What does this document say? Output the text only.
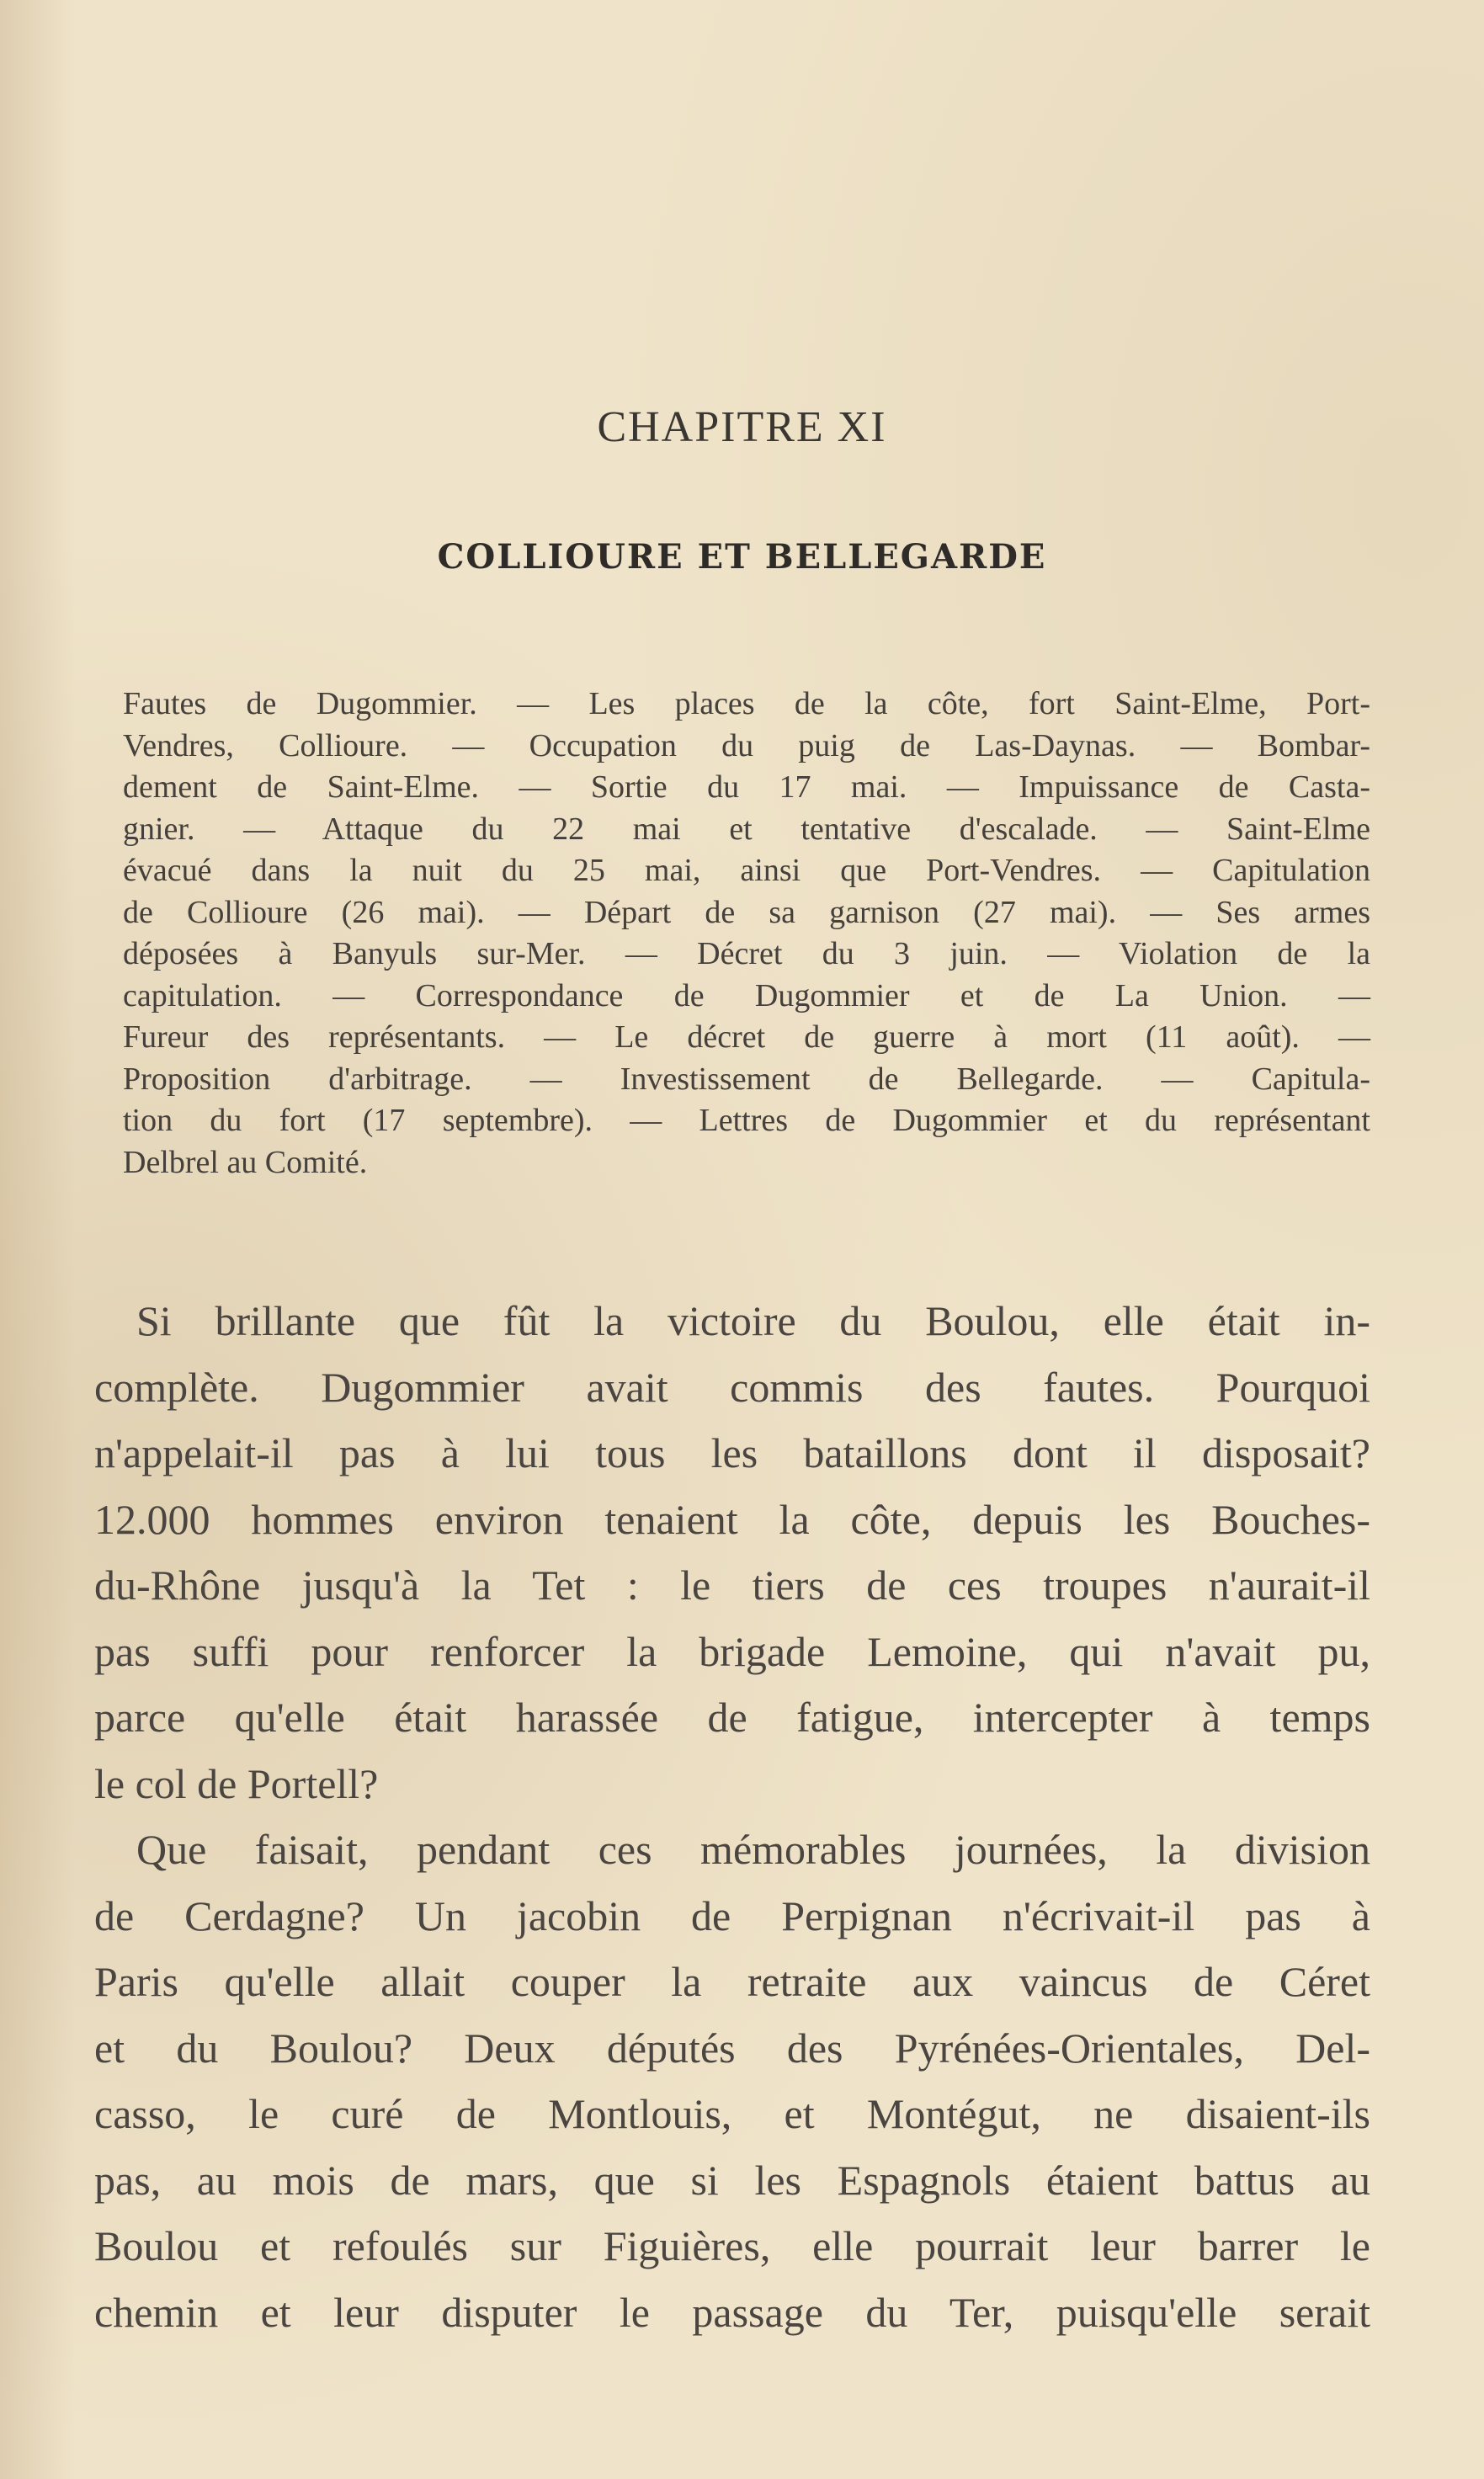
CHAPITRE XI
COLLIOURE ET BELLEGARDE
Fautes de Dugommier. — Les places de la côte, fort Saint-Elme, Port-
Vendres, Collioure. — Occupation du puig de Las-Daynas. — Bombar-
dement de Saint-Elme. — Sortie du 17 mai. — Impuissance de Casta-
gnier. — Attaque du 22 mai et tentative d'escalade. — Saint-Elme
évacué dans la nuit du 25 mai, ainsi que Port-Vendres. — Capitulation
de Collioure (26 mai). — Départ de sa garnison (27 mai). — Ses armes
déposées à Banyuls sur-Mer. — Décret du 3 juin. — Violation de la
capitulation. — Correspondance de Dugommier et de La Union. —
Fureur des représentants. — Le décret de guerre à mort (11 août). —
Proposition d'arbitrage. — Investissement de Bellegarde. — Capitula-
tion du fort (17 septembre). — Lettres de Dugommier et du représentant
Delbrel au Comité.
Si brillante que fût la victoire du Boulou, elle était in-
complète. Dugommier avait commis des fautes. Pourquoi
n'appelait-il pas à lui tous les bataillons dont il disposait?
12.000 hommes environ tenaient la côte, depuis les Bouches-
du-Rhône jusqu'à la Tet : le tiers de ces troupes n'aurait-il
pas suffi pour renforcer la brigade Lemoine, qui n'avait pu,
parce qu'elle était harassée de fatigue, intercepter à temps
le col de Portell?
Que faisait, pendant ces mémorables journées, la division
de Cerdagne? Un jacobin de Perpignan n'écrivait-il pas à
Paris qu'elle allait couper la retraite aux vaincus de Céret
et du Boulou? Deux députés des Pyrénées-Orientales, Del-
casso, le curé de Montlouis, et Montégut, ne disaient-ils
pas, au mois de mars, que si les Espagnols étaient battus au
Boulou et refoulés sur Figuières, elle pourrait leur barrer le
chemin et leur disputer le passage du Ter, puisqu'elle serait
